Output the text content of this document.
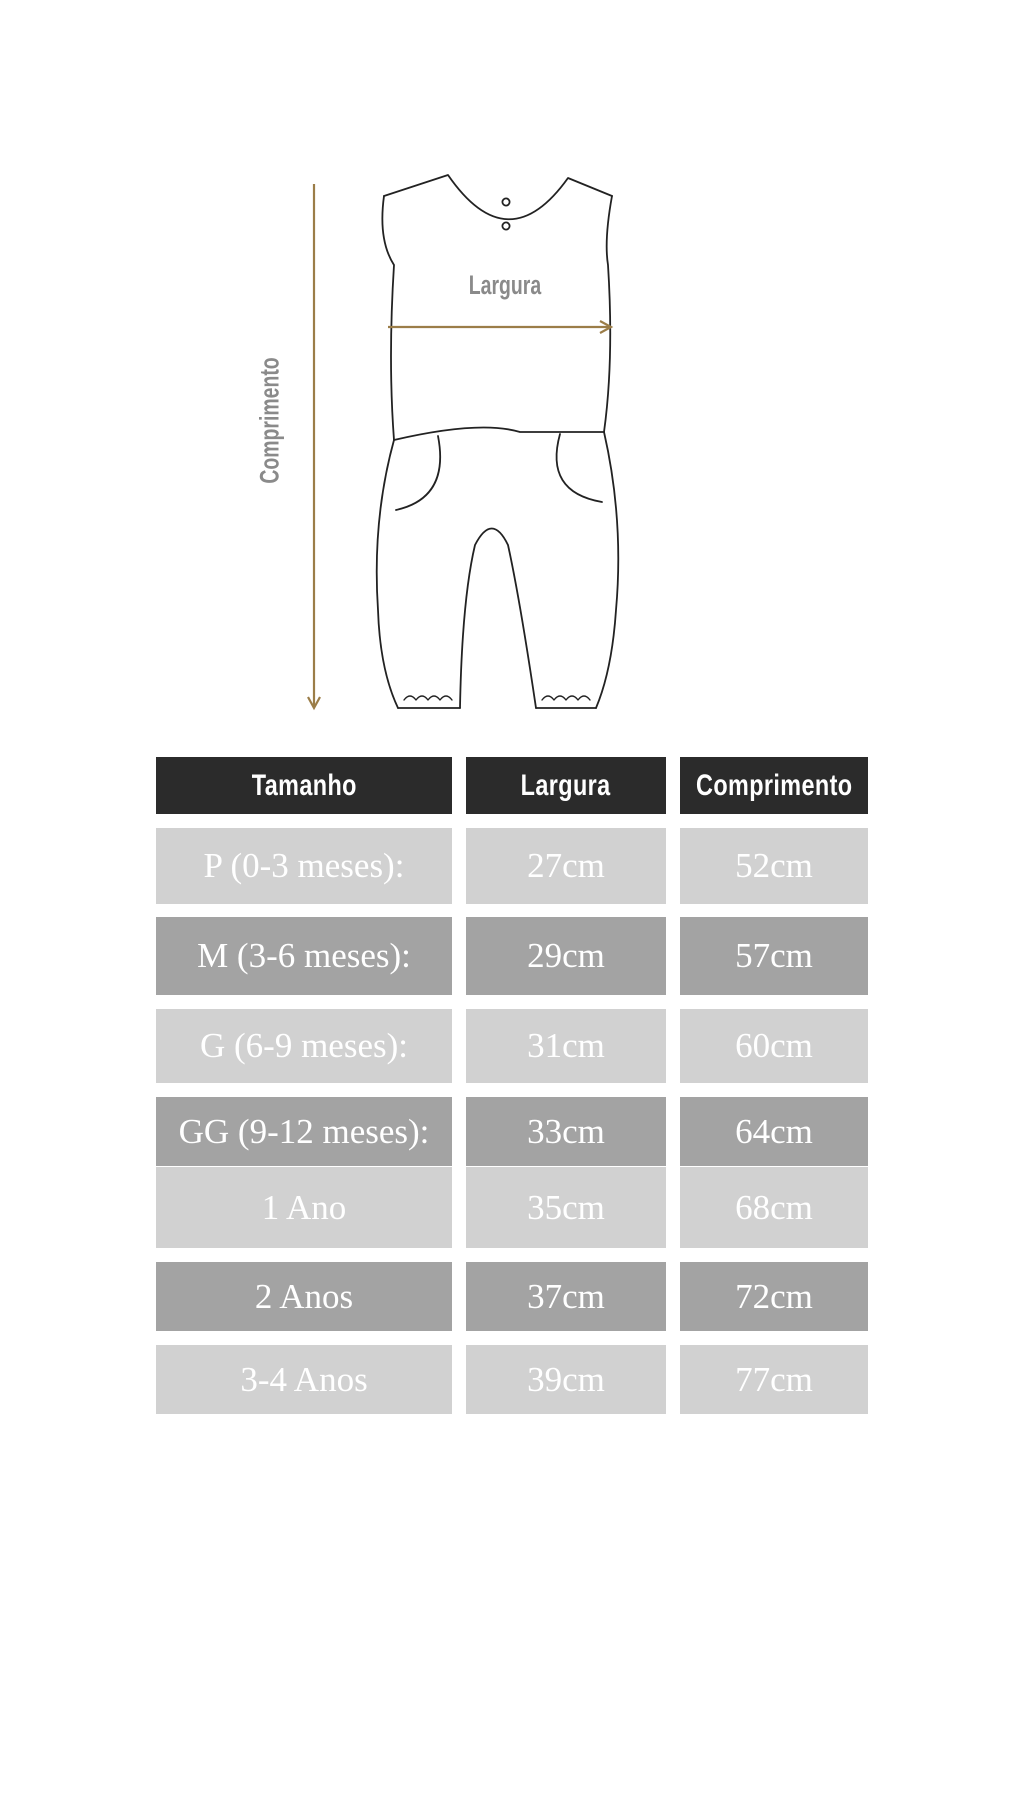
Largura
Comprimento
Tamanho	Largura	Comprimento
P (0-3 meses):	27cm	52cm
M (3-6 meses):	29cm	57cm
G (6-9 meses):	31cm	60cm
GG (9-12 meses):	33cm	64cm
1 Ano	35cm	68cm
2 Anos	37cm	72cm
3-4 Anos	39cm	77cm
